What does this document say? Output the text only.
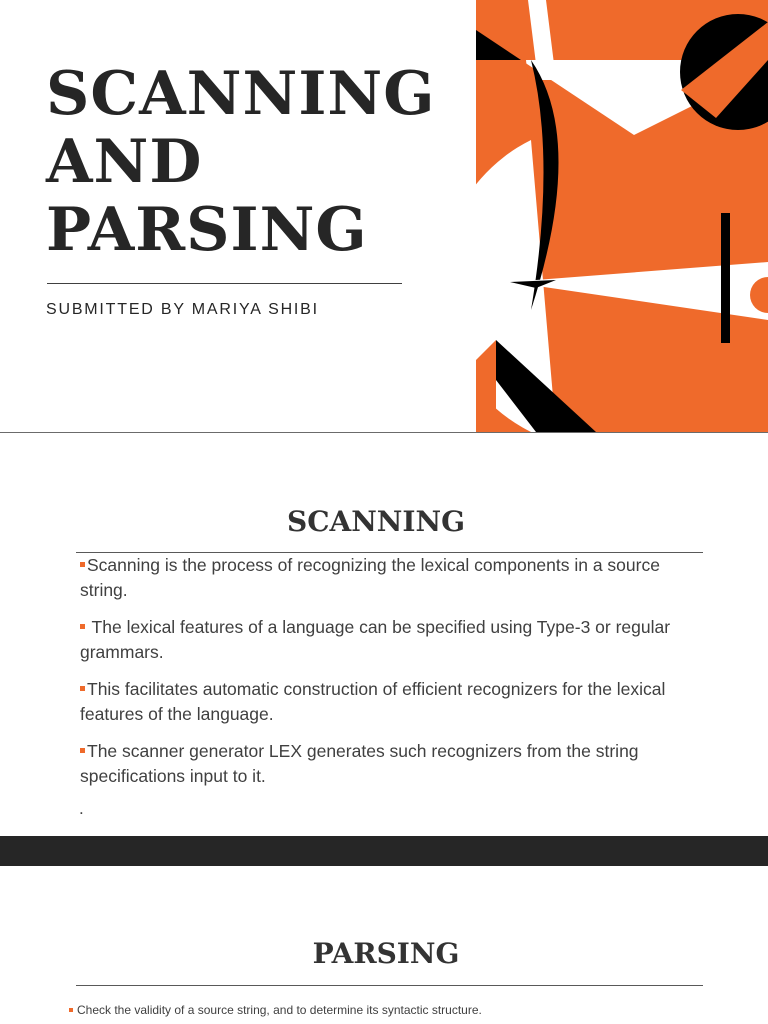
SCANNING
AND
PARSING

SUBMITTED BY MARIYA SHIBI

SCANNING
Scanning is the process of recognizing the lexical components in a source string.
The lexical features of a language can be specified using Type-3 or regular grammars.
This facilitates automatic construction of efficient recognizers for the lexical features of the language.
The scanner generator LEX generates such recognizers from the string specifications input to it.
.
PARSING
Check the validity of a source string, and to determine its syntactic structure.
